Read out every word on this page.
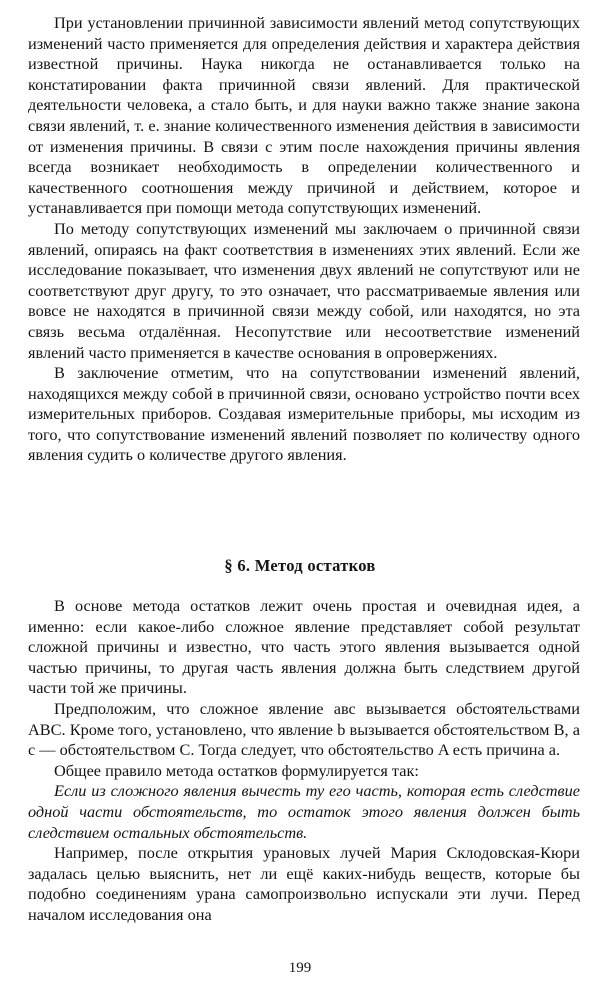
При установлении причинной зависимости явлений метод сопутствующих изменений часто применяется для определения действия и характера действия известной причины. Наука никогда не останавливается только на констатировании факта причинной связи явлений. Для практической деятельности человека, а стало быть, и для науки важно также знание закона связи явлений, т. е. знание количественного изменения действия в зависимости от изменения причины. В связи с этим после нахождения причины явления всегда возникает необходимость в определении количественного и качественного соотношения между причиной и действием, которое и устанавливается при помощи метода сопутствующих изменений.

По методу сопутствующих изменений мы заключаем о причинной связи явлений, опираясь на факт соответствия в изменениях этих явлений. Если же исследование показывает, что изменения двух явлений не сопутствуют или не соответствуют друг другу, то это означает, что рассматриваемые явления или вовсе не находятся в причинной связи между собой, или находятся, но эта связь весьма отдалённая. Несопутствие или несоответствие изменений явлений часто применяется в качестве основания в опровержениях.

В заключение отметим, что на сопутствовании изменений явлений, находящихся между собой в причинной связи, основано устройство почти всех измерительных приборов. Создавая измерительные приборы, мы исходим из того, что сопутствование изменений явлений позволяет по количеству одного явления судить о количестве другого явления.

§ 6. Метод остатков

В основе метода остатков лежит очень простая и очевидная идея, а именно: если какое-либо сложное явление представляет собой результат сложной причины и известно, что часть этого явления вызывается одной частью причины, то другая часть явления должна быть следствием другой части той же причины.

Предположим, что сложное явление авс вызывается обстоятельствами ABC. Кроме того, установлено, что явление b вызывается обстоятельством B, а с — обстоятельством C. Тогда следует, что обстоятельство A есть причина a.

Общее правило метода остатков формулируется так:

Если из сложного явления вычесть ту его часть, которая есть следствие одной части обстоятельств, то остаток этого явления должен быть следствием остальных обстоятельств.

Например, после открытия урановых лучей Мария Склодовская-Кюри задалась целью выяснить, нет ли ещё каких-нибудь веществ, которые бы подобно соединениям урана самопроизвольно испускали эти лучи. Перед началом исследования она

199
